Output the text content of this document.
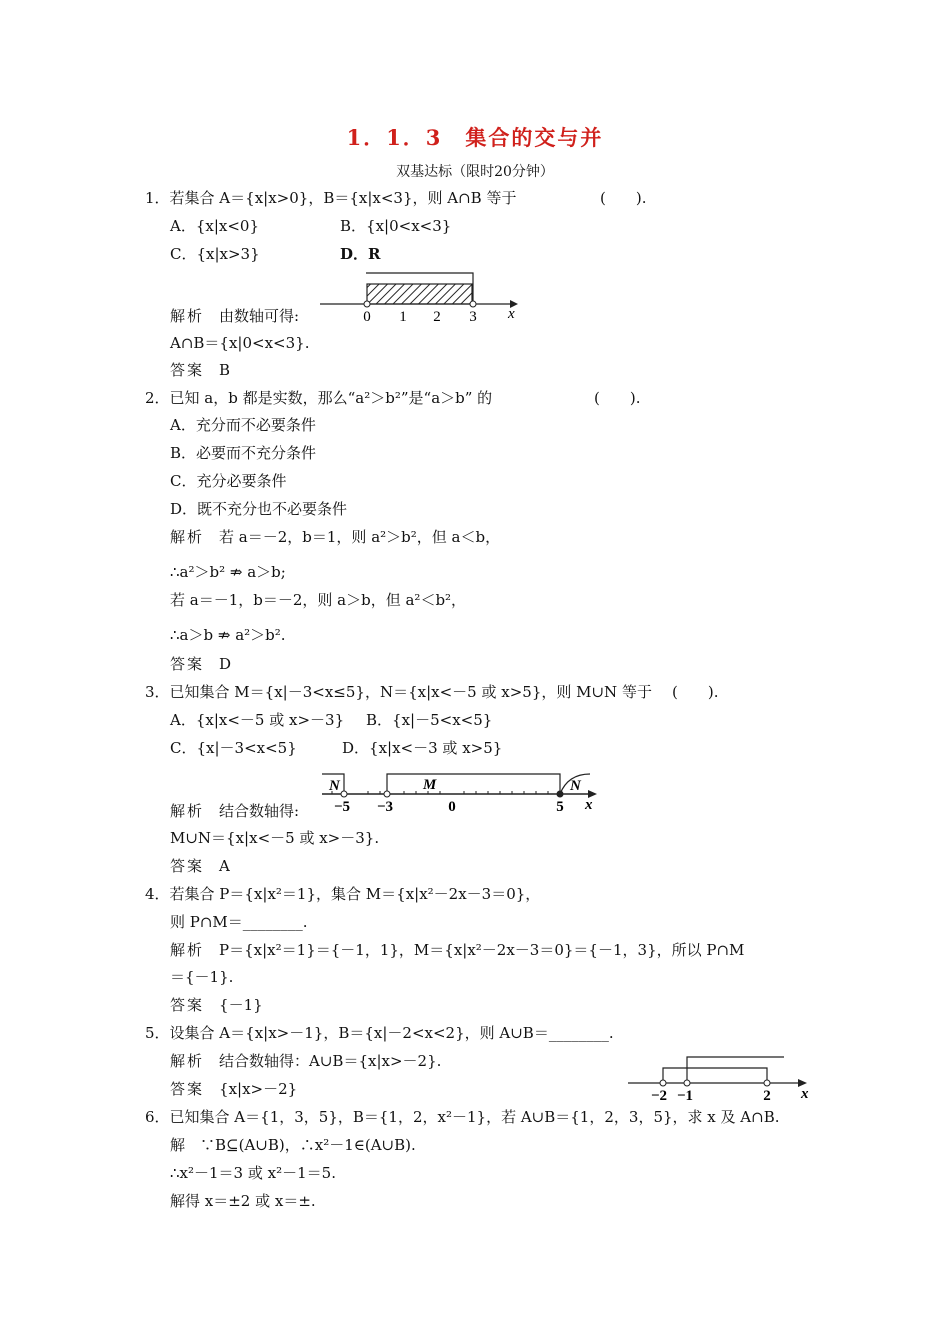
1．1．3　集合的交与并
双基达标（限时20分钟）
1．若集合 A＝{x|x>0}，B＝{x|x<3}，则 A∩B 等于	(　　).
A．{x|x<0}	B．{x|0<x<3}
C．{x|x>3}	D．R
0 1 2 3 x
解析　 由数轴可得:
A∩B＝{x|0<x<3}.
答案　 B
2．已知 a，b 都是实数，那么“a²＞b²”是“a＞b” 的	(　　).
A．充分而不必要条件
B．必要而不充分条件
C．充分必要条件
D．既不充分也不必要条件
解析　 若 a＝－2，b＝1，则 a²＞b²，但 a＜b，
∴a²＞b² ⇏ a＞b;
若 a＝－1，b＝－2，则 a＞b，但 a²＜b²，
∴a＞b ⇏ a²＞b².
答案　 D
3．已知集合 M＝{x|－3<x≤5}，N＝{x|x<－5 或 x>5}，则 M∪N 等于 (　　).
A．{x|x<－5 或 x>－3} B．{x|－5<x<5}
C．{x|－3<x<5}	D．{x|x<－3 或 x>5}
N	M	N
−5 −3	0	5 x
解析　 结合数轴得:
M∪N＝{x|x<－5 或 x>－3}.
答案　 A
4．若集合 P＝{x|x²＝1}，集合 M＝{x|x²－2x－3＝0}，
则 P∩M＝________.
解析　 P＝{x|x²＝1}＝{－1，1}，M＝{x|x²－2x－3＝0}＝{－1，3}，所以 P∩M
＝{－1}.
答案　 {－1}
5．设集合 A＝{x|x>－1}，B＝{x|－2<x<2}，则 A∪B＝________.
解析　 结合数轴得：A∪B＝{x|x>－2}.
答案　 {x|x>－2}	−2 −1	2 x
6．已知集合 A＝{1，3，5}，B＝{1，2，x²－1}，若 A∪B＝{1，2，3，5}，求 x 及 A∩B.
解　 ∵B⊆(A∪B)，∴x²－1∈(A∪B).
∴x²－1＝3 或 x²－1＝5.
解得 x＝±2 或 x＝±.
